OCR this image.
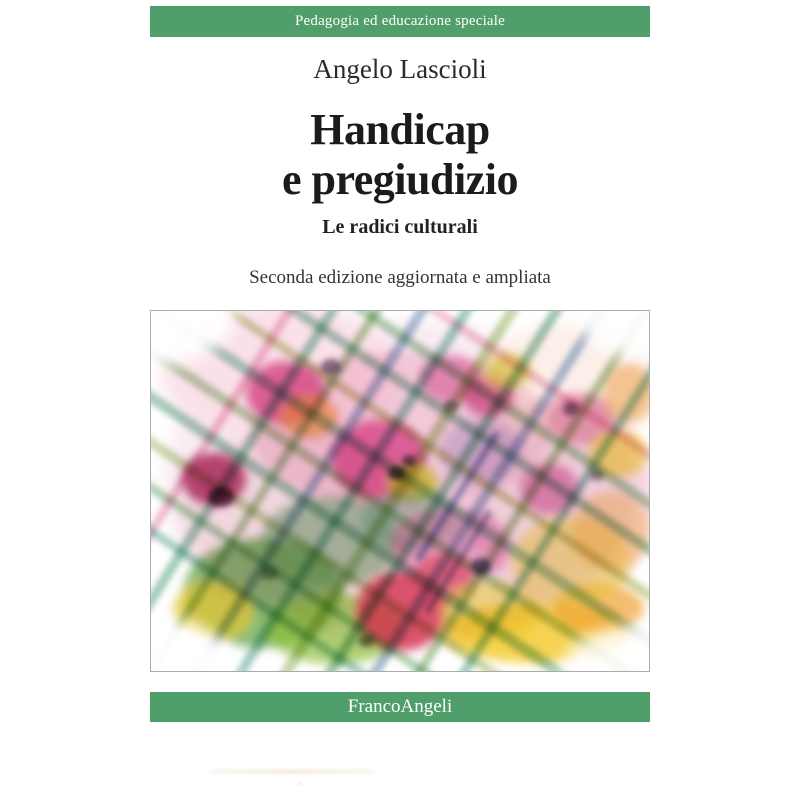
Pedagogia ed educazione speciale
Angelo Lascioli
Handicap
e pregiudizio
Le radici culturali
Seconda edizione aggiornata e ampliata
FrancoAngeli
